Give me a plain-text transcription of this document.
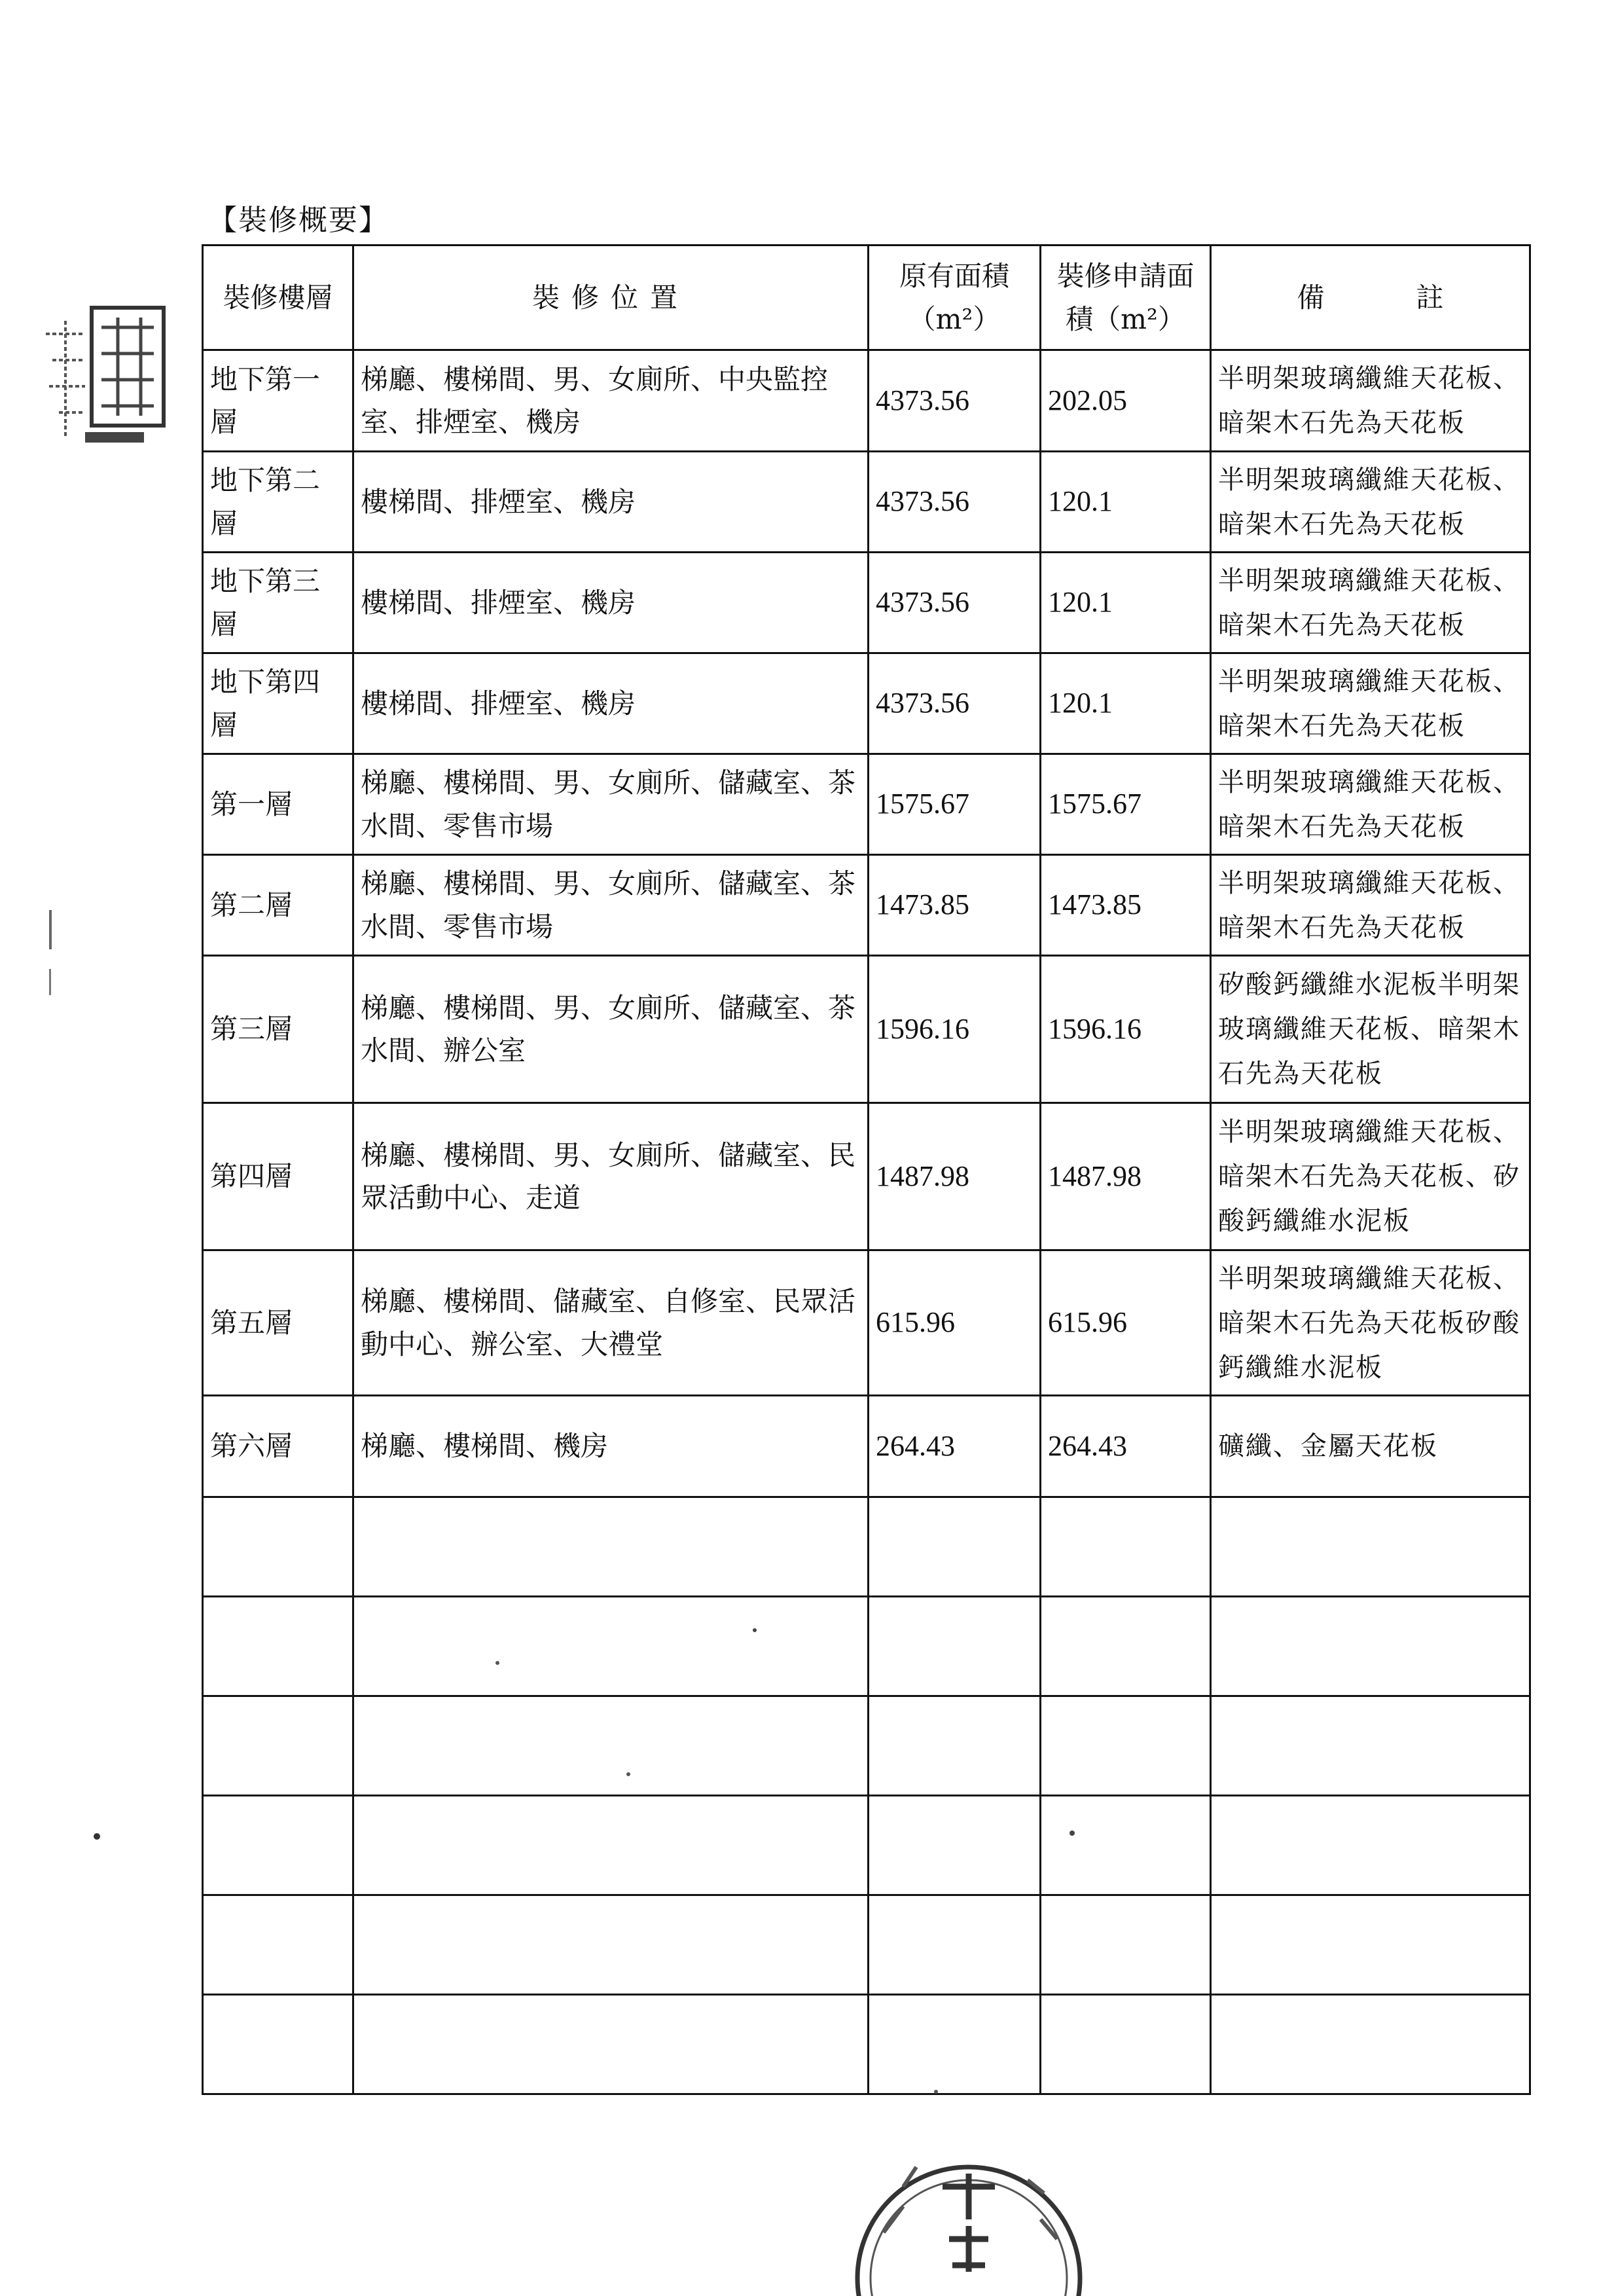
【裝修概要】
裝修樓層	裝修位置	原有面積（m²）	裝修申請面積（m²）	備 註
地下第一層	梯廳、樓梯間、男、女廁所、中央監控室、排煙室、機房	4373.56	202.05	半明架玻璃纖維天花板、暗架木石先為天花板
地下第二層	樓梯間、排煙室、機房	4373.56	120.1	半明架玻璃纖維天花板、暗架木石先為天花板
地下第三層	樓梯間、排煙室、機房	4373.56	120.1	半明架玻璃纖維天花板、暗架木石先為天花板
地下第四層	樓梯間、排煙室、機房	4373.56	120.1	半明架玻璃纖維天花板、暗架木石先為天花板
第一層	梯廳、樓梯間、男、女廁所、儲藏室、茶水間、零售市場	1575.67	1575.67	半明架玻璃纖維天花板、暗架木石先為天花板
第二層	梯廳、樓梯間、男、女廁所、儲藏室、茶水間、零售市場	1473.85	1473.85	半明架玻璃纖維天花板、暗架木石先為天花板
第三層	梯廳、樓梯間、男、女廁所、儲藏室、茶水間、辦公室	1596.16	1596.16	矽酸鈣纖維水泥板半明架玻璃纖維天花板、暗架木石先為天花板
第四層	梯廳、樓梯間、男、女廁所、儲藏室、民眾活動中心、走道	1487.98	1487.98	半明架玻璃纖維天花板、暗架木石先為天花板、矽酸鈣纖維水泥板
第五層	梯廳、樓梯間、儲藏室、自修室、民眾活動中心、辦公室、大禮堂	615.96	615.96	半明架玻璃纖維天花板、暗架木石先為天花板矽酸鈣纖維水泥板
第六層	梯廳、樓梯間、機房	264.43	264.43	礦纖、金屬天花板
